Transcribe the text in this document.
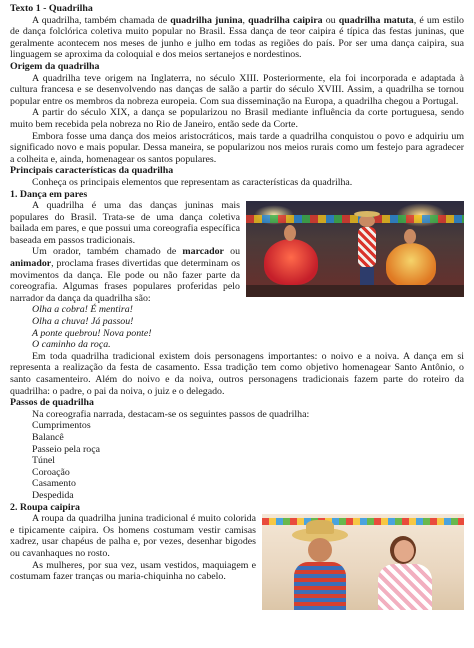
Texto 1 - Quadrilha

A quadrilha, também chamada de quadrilha junina, quadrilha caipira ou quadrilha matuta, é um estilo de dança folclórica coletiva muito popular no Brasil. Essa dança de teor caipira é típica das festas juninas, que geralmente acontecem nos meses de junho e julho em todas as regiões do país. Por ser uma dança caipira, sua linguagem se aproxima da coloquial e dos meios sertanejos e nordestinos.

Origem da quadrilha

A quadrilha teve origem na Inglaterra, no século XIII. Posteriormente, ela foi incorporada e adaptada à cultura francesa e se desenvolvendo nas danças de salão a partir do século XVIII. Assim, a quadrilha se tornou popular entre os membros da nobreza europeia. Com sua disseminação na Europa, a quadrilha chegou a Portugal.

A partir do século XIX, a dança se popularizou no Brasil mediante influência da corte portuguesa, sendo muito bem recebida pela nobreza no Rio de Janeiro, então sede da Corte.

Embora fosse uma dança dos meios aristocráticos, mais tarde a quadrilha conquistou o povo e adquiriu um significado novo e mais popular. Dessa maneira, se popularizou nos meios rurais como um festejo para agradecer a colheita e, ainda, homenagear os santos populares.

Principais características da quadrilha

Conheça os principais elementos que representam as características da quadrilha.

1. Dança em pares

A quadrilha é uma das danças juninas mais populares do Brasil. Trata-se de uma dança coletiva bailada em pares, e que possui uma coreografia específica baseada em passos tradicionais.

Um orador, também chamado de marcador ou animador, proclama frases divertidas que determinam os movimentos da dança. Ele pode ou não fazer parte da coreografia. Algumas frases populares proferidas pelo narrador da dança da quadrilha são:

Olha a cobra! É mentira!
Olha a chuva! Já passou!
A ponte quebrou! Nova ponte!
O caminho da roça.

Em toda quadrilha tradicional existem dois personagens importantes: o noivo e a noiva. A dança em si representa a realização da festa de casamento. Essa tradição tem como objetivo homenagear Santo Antônio, o santo casamenteiro. Além do noivo e da noiva, outros personagens tradicionais fazem parte do roteiro da quadrilha: o padre, o pai da noiva, o juiz e o delegado.

Passos de quadrilha

Na coreografia narrada, destacam-se os seguintes passos de quadrilha:

Cumprimentos
Balancê
Passeio pela roça
Túnel
Coroação
Casamento
Despedida

2. Roupa caipira

A roupa da quadrilha junina tradicional é muito colorida e tipicamente caipira. Os homens costumam vestir camisas xadrez, usar chapéus de palha e, por vezes, desenhar bigodes ou cavanhaques no rosto.

As mulheres, por sua vez, usam vestidos, maquiagem e costumam fazer tranças ou maria-chiquinha no cabelo.
